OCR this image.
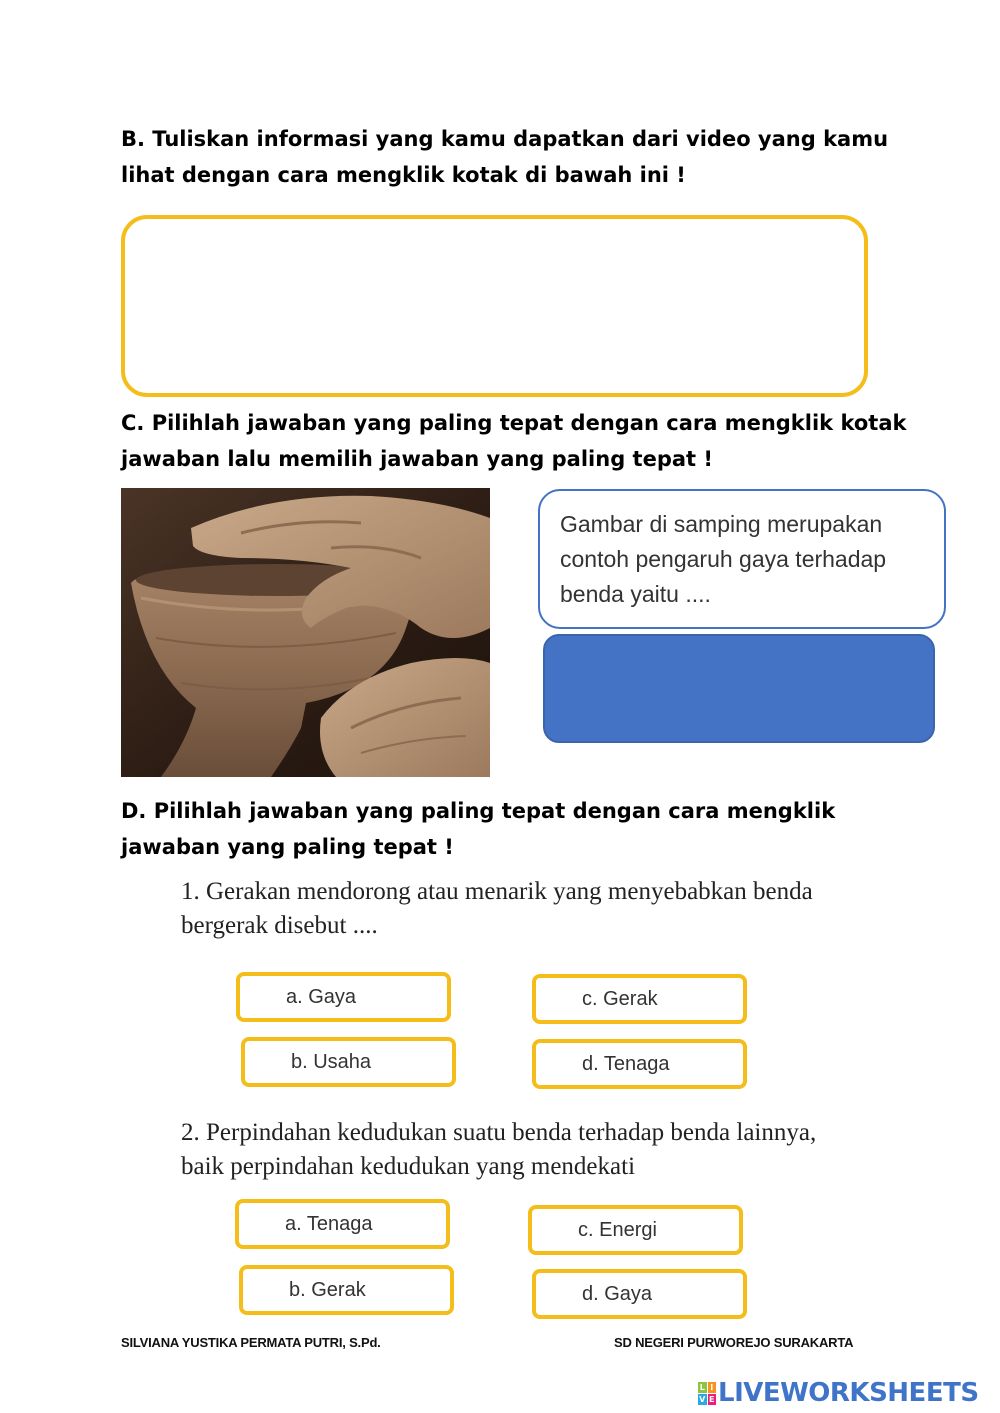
B. Tuliskan informasi yang kamu dapatkan dari video yang kamu
lihat dengan cara mengklik kotak di bawah ini !
C. Pilihlah jawaban yang paling tepat dengan cara mengklik kotak
jawaban lalu memilih jawaban yang paling tepat !
Gambar di samping merupakan
contoh pengaruh gaya terhadap
benda yaitu ....
D. Pilihlah jawaban yang paling tepat dengan cara mengklik
jawaban yang paling tepat !
1. Gerakan mendorong atau menarik yang menyebabkan benda
bergerak disebut ....
a. Gaya
b. Usaha
c. Gerak
d. Tenaga
2. Perpindahan kedudukan suatu benda terhadap benda lainnya,
baik perpindahan kedudukan yang mendekati
a. Tenaga
b. Gerak
c. Energi
d. Gaya
SILVIANA YUSTIKA PERMATA PUTRI, S.Pd.	SD NEGERI PURWOREJO SURAKARTA
L I
V E LIVEWORKSHEETS
